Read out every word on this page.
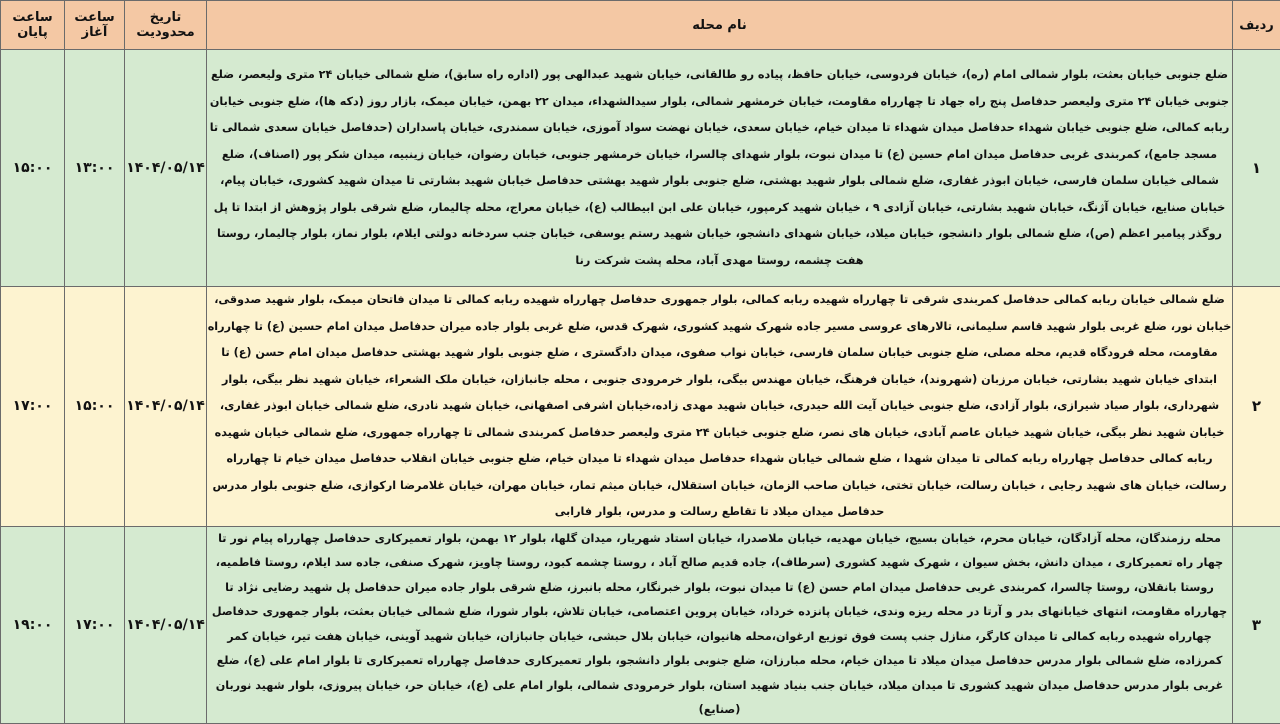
ردیف	نام محله	تاریخ محدودیت	ساعت آغاز	ساعت پایان
۱	ضلع جنوبی خیابان بعثت، بلوار شمالی امام (ره)، خیابان فردوسی، خیابان حافظ، پیاده رو طالقانی، خیابان شهید عبدالهی پور (اداره راه سابق)، ضلع شمالی خیابان ۲۴ متری ولیعصر، ضلع جنوبی خیابان ۲۴ متری ولیعصر حدفاصل پنج راه جهاد تا چهارراه مقاومت، خیابان خرمشهر شمالی، بلوار سیدالشهداء، میدان ۲۲ بهمن، خیابان میمک، بازار روز (دکه ها)، ضلع جنوبی خیابان ربابه کمالی، ضلع جنوبی خیابان شهداء حدفاصل میدان شهداء تا میدان خیام، خیابان سعدی، خیابان نهضت سواد آموزی، خیابان سمندری، خیابان پاسداران (حدفاصل خیابان سعدی شمالی تا مسجد جامع)، کمربندی غربی حدفاصل میدان امام حسین (ع) تا میدان نبوت، بلوار شهدای چالسرا، خیابان خرمشهر جنوبی، خیابان رضوان، خیابان زینبیه، میدان شکر پور (اصناف)، ضلع شمالی خیابان سلمان فارسی، خیابان ابوذر غفاری، ضلع شمالی بلوار شهید بهشتی، ضلع جنوبی بلوار شهید بهشتی حدفاصل خیابان شهید بشارتی تا میدان شهید کشوری، خیابان پیام، خیابان صنایع، خیابان آژنگ، خیابان شهید بشارتی، خیابان آزادی ۹ ، خیابان شهید کرمپور، خیابان علی ابن ابیطالب (ع)، خیابان معراج، محله چالیمار، ضلع شرقی بلوار پژوهش از ابتدا تا پل روگذر پیامبر اعظم (ص)، ضلع شمالی بلوار دانشجو، خیابان میلاد، خیابان شهدای دانشجو، خیابان شهید رستم یوسفی، خیابان جنب سردخانه دولتی ایلام، بلوار نماز، بلوار چالیمار، روستا هفت چشمه، روستا مهدی آباد، محله پشت شرکت رنا	۱۴۰۴/۰۵/۱۴	۱۳:۰۰	۱۵:۰۰
۲	ضلع شمالی خیابان ربابه کمالی حدفاصل کمربندی شرقی تا چهارراه شهیده ربابه کمالی، بلوار جمهوری حدفاصل چهارراه شهیده ربابه کمالی تا میدان فاتحان میمک، بلوار شهید صدوقی، خیابان نور، ضلع غربی بلوار شهید قاسم سلیمانی، تالارهای عروسی مسیر جاده شهرک شهید کشوری، شهرک قدس، ضلع غربی بلوار جاده میران حدفاصل میدان امام حسین (ع) تا چهارراه مقاومت، محله فرودگاه قدیم، محله مصلی، ضلع جنوبی خیابان سلمان فارسی، خیابان نواب صفوی، میدان دادگستری ، ضلع جنوبی بلوار شهید بهشتی حدفاصل میدان امام حسن (ع) تا ابتدای خیابان شهید بشارتی، خیابان مرزبان (شهروند)، خیابان فرهنگ، خیابان مهندس بیگی، بلوار خرمرودی جنوبی ، محله جانبازان، خیابان ملک الشعراء، خیابان شهید نظر بیگی، بلوار شهرداری، بلوار صیاد شیرازی، بلوار آزادی، ضلع جنوبی خیابان آیت الله حیدری، خیابان شهید مهدی زاده،خیابان اشرفی اصفهانی، خیابان شهید نادری، ضلع شمالی خیابان ابوذر غفاری، خیابان شهید نظر بیگی، خیابان شهید خیابان عاصم آبادی، خیابان های نصر، ضلع جنوبی خیابان ۲۴ متری ولیعصر حدفاصل کمربندی شمالی تا چهارراه جمهوری، ضلع شمالی خیابان شهیده ربابه کمالی حدفاصل چهارراه ربابه کمالی تا میدان شهدا ، ضلع شمالی خیابان شهداء حدفاصل میدان شهداء تا میدان خیام، ضلع جنوبی خیابان انقلاب حدفاصل میدان خیام تا چهارراه رسالت، خیابان های شهید رجایی ، خیابان رسالت، خیابان تختی، خیابان صاحب الزمان، خیابان استقلال، خیابان میثم تمار، خیابان مهران، خیابان غلامرضا ارکوازی، ضلع جنوبی بلوار مدرس حدفاصل میدان میلاد تا تقاطع رسالت و مدرس، بلوار فارابی	۱۴۰۴/۰۵/۱۴	۱۵:۰۰	۱۷:۰۰
۳	محله رزمندگان، محله آزادگان، خیابان محرم، خیابان بسیج، خیابان مهدیه، خیابان ملاصدرا، خیابان استاد شهریار، میدان گلها، بلوار ۱۲ بهمن، بلوار تعمیرکاری حدفاصل چهارراه پیام نور تا چهار راه تعمیرکاری ، میدان دانش، بخش سیوان ، شهرک شهید کشوری (سرطاف)، جاده قدیم صالح آباد ، روستا چشمه کبود، روستا چاویز، شهرک صنفی، جاده سد ایلام، روستا فاطمیه، روستا بانقلان، روستا چالسرا، کمربندی غربی حدفاصل میدان امام حسن (ع) تا میدان نبوت، بلوار خبرنگار، محله بانبرز، ضلع شرقی بلوار جاده میران حدفاصل پل شهید رضایی نژاد تا چهارراه مقاومت، انتهای خیابانهای بدر و آرتا در محله ریزه وندی، خیابان پانزده خرداد، خیابان پروین اعتصامی، خیابان تلاش، بلوار شورا، ضلع شمالی خیابان بعثت، بلوار جمهوری حدفاصل چهارراه شهیده ربابه کمالی تا میدان کارگر، منازل جنب پست فوق توزیع ارغوان،محله هانیوان، خیابان بلال حبشی، خیابان جانبازان، خیابان شهید آوینی، خیابان هفت تیر، خیابان کمر کمرزاده، ضلع شمالی بلوار مدرس حدفاصل میدان میلاد تا میدان خیام، محله مبارزان، ضلع جنوبی بلوار دانشجو، بلوار تعمیرکاری حدفاصل چهارراه تعمیرکاری تا بلوار امام علی (ع)، ضلع غربی بلوار مدرس حدفاصل میدان شهید کشوری تا میدان میلاد، خیابان جنب بنیاد شهید استان، بلوار خرمرودی شمالی، بلوار امام علی (ع)، خیابان حر، خیابان پیروزی، بلوار شهید نوربان (صنایع)	۱۴۰۴/۰۵/۱۴	۱۷:۰۰	۱۹:۰۰
